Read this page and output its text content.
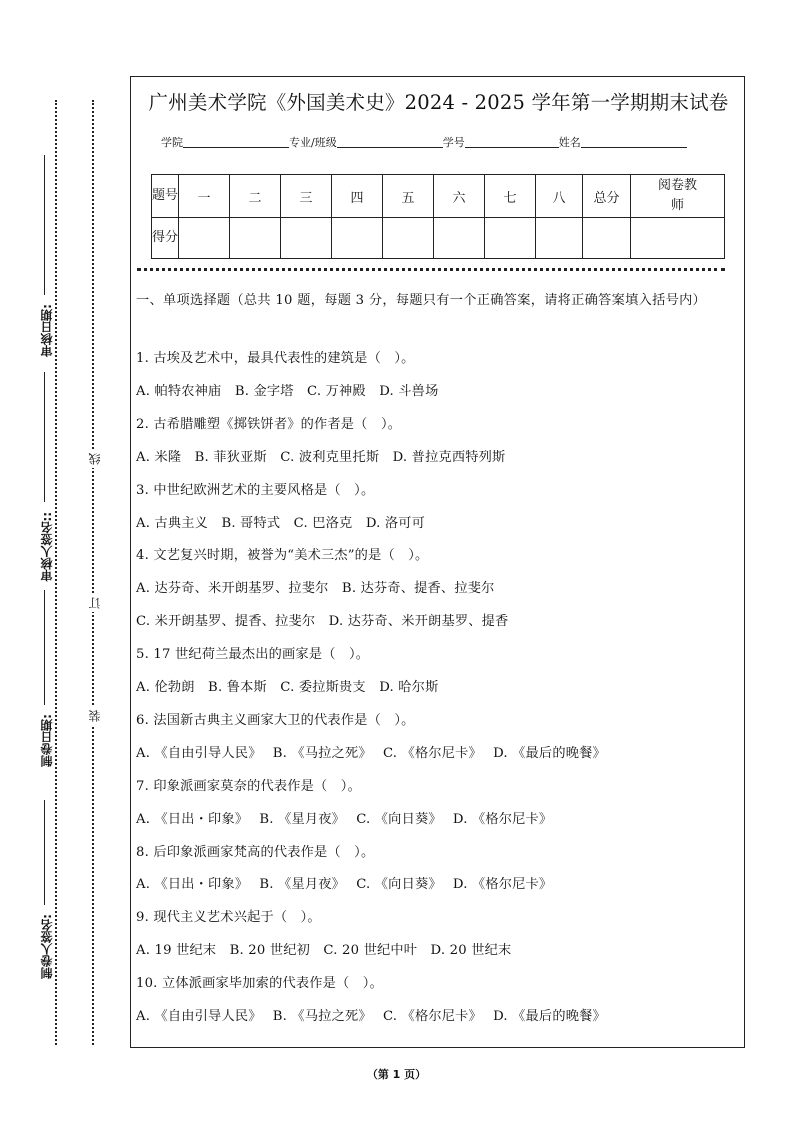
审核日期:
审核人签名::
制卷日期:
制卷人签名:
线
订
装
广州美术学院《外国美术史》2024 - 2025 学年第一学期期末试卷
学院	专业/班级	学号	姓名
题号	一	二	三	四	五	六	七	八	总分	阅卷教师

得分										
一、单项选择题（总共 10 题，每题 3 分，每题只有一个正确答案，请将正确答案填入括号内）
1. 古埃及艺术中，最具代表性的建筑是（　）。
A. 帕特农神庙　B. 金字塔　C. 万神殿　D. 斗兽场
2. 古希腊雕塑《掷铁饼者》的作者是（　）。
A. 米隆　B. 菲狄亚斯　C. 波利克里托斯　D. 普拉克西特列斯
3. 中世纪欧洲艺术的主要风格是（　）。
A. 古典主义　B. 哥特式　C. 巴洛克　D. 洛可可
4. 文艺复兴时期，被誉为“美术三杰”的是（　）。
A. 达芬奇、米开朗基罗、拉斐尔　B. 达芬奇、提香、拉斐尔
C. 米开朗基罗、提香、拉斐尔　D. 达芬奇、米开朗基罗、提香
5. 17 世纪荷兰最杰出的画家是（　）。
A. 伦勃朗　B. 鲁本斯　C. 委拉斯贵支　D. 哈尔斯
6. 法国新古典主义画家大卫的代表作是（　）。
A. 《自由引导人民》　 B. 《马拉之死》　 C. 《格尔尼卡》　 D. 《最后的晚餐》
7. 印象派画家莫奈的代表作是（　）。
A. 《日出・印象》　 B. 《星月夜》　 C. 《向日葵》　 D. 《格尔尼卡》
8. 后印象派画家梵高的代表作是（　）。
A. 《日出・印象》　 B. 《星月夜》　 C. 《向日葵》　 D. 《格尔尼卡》
9. 现代主义艺术兴起于（　）。
A. 19 世纪末　B. 20 世纪初　C. 20 世纪中叶　D. 20 世纪末
10. 立体派画家毕加索的代表作是（　）。
A. 《自由引导人民》　 B. 《马拉之死》　 C. 《格尔尼卡》　 D. 《最后的晚餐》
（第 1 页）
